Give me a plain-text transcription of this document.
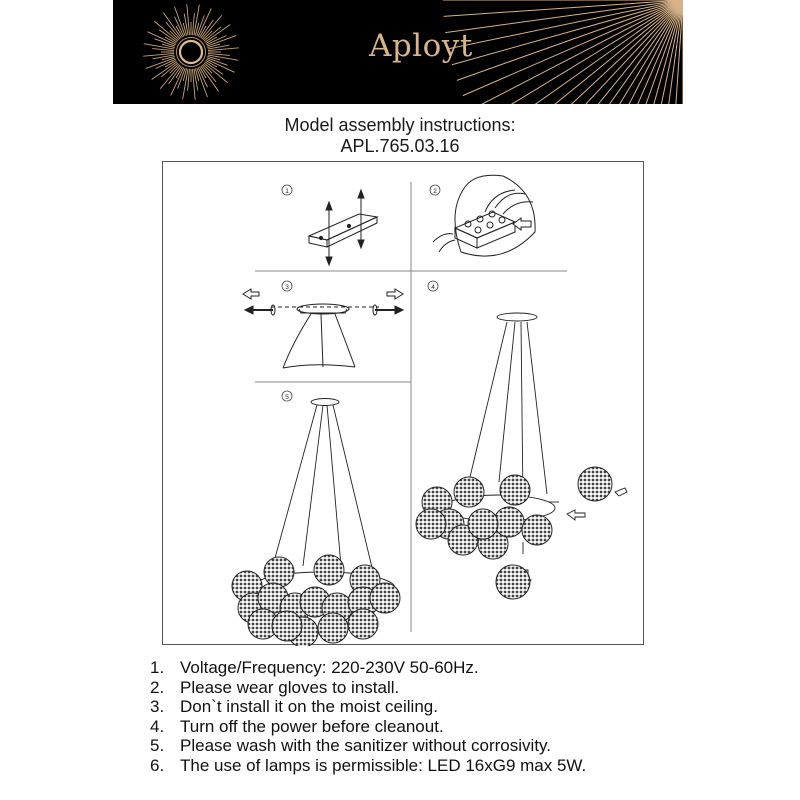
Aployt
Model assembly instructions:
APL.765.03.16
1	2
3	4
5
1. Voltage/Frequency: 220-230V 50-60Hz.
2. Please wear gloves to install.
3. Don`t install it on the moist ceiling.
4. Turn off the power before cleanout.
5. Please wash with the sanitizer without corrosivity.
6. The use of lamps is permissible: LED 16xG9 max 5W.
